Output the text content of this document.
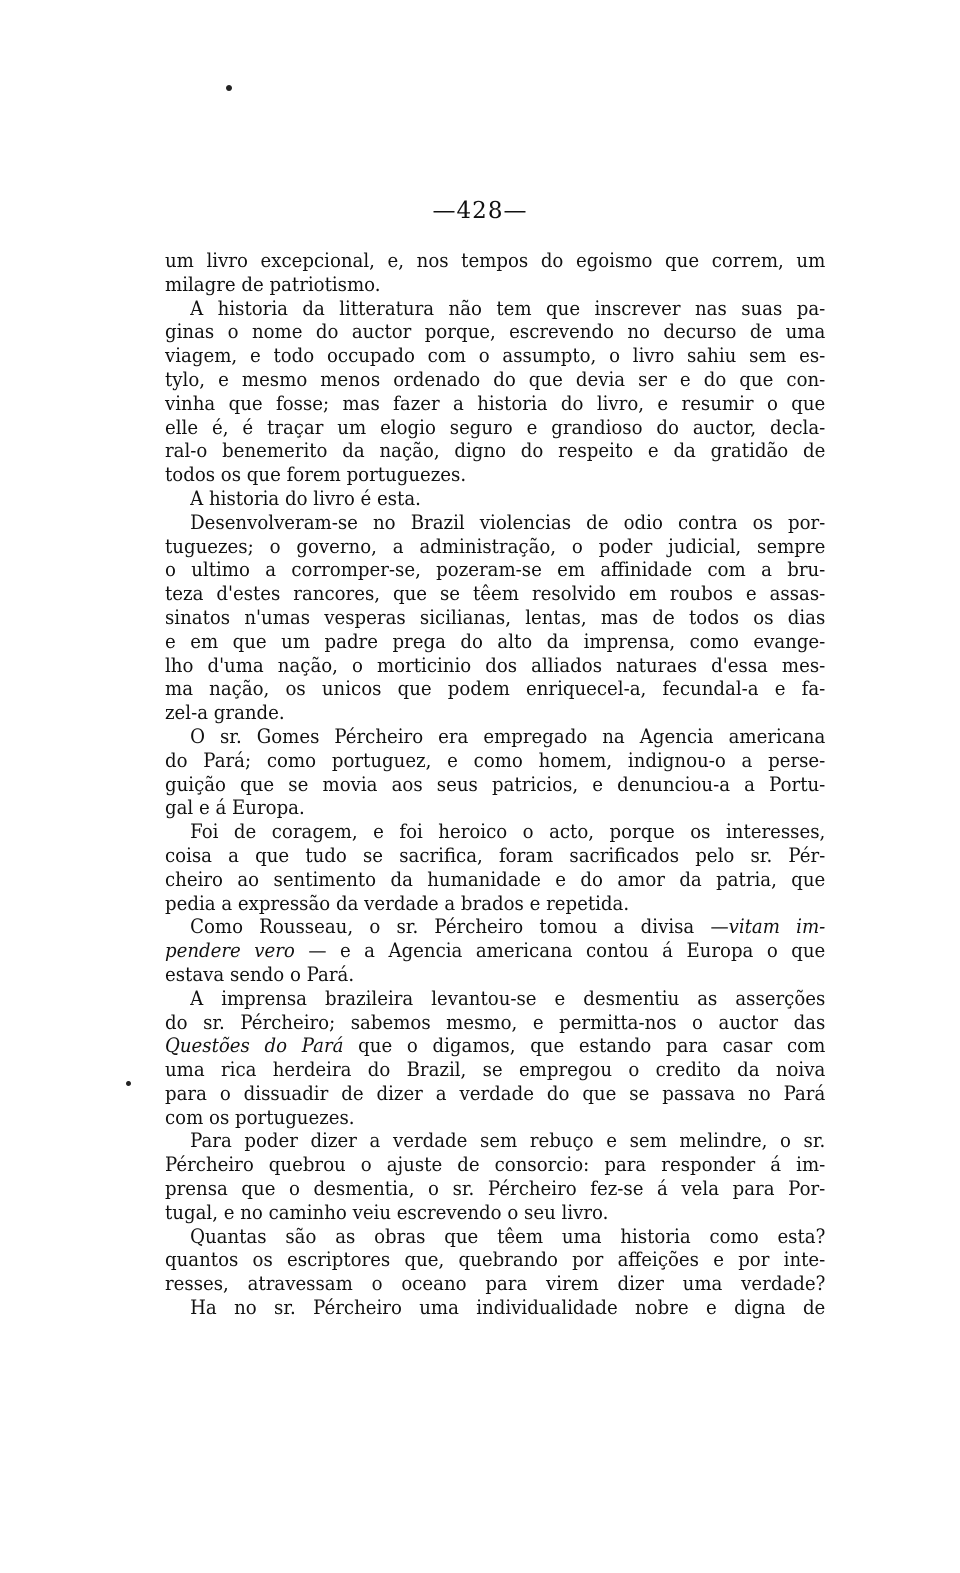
—428—
um livro excepcional, e, nos tempos do egoismo que correm, um
milagre de patriotismo.
A historia da litteratura não tem que inscrever nas suas pa-
ginas o nome do auctor porque, escrevendo no decurso de uma
viagem, e todo occupado com o assumpto, o livro sahiu sem es-
tylo, e mesmo menos ordenado do que devia ser e do que con-
vinha que fosse; mas fazer a historia do livro, e resumir o que
elle é, é traçar um elogio seguro e grandioso do auctor, decla-
ral-o benemerito da nação, digno do respeito e da gratidão de
todos os que forem portuguezes.
A historia do livro é esta.
Desenvolveram-se no Brazil violencias de odio contra os por-
tuguezes; o governo, a administração, o poder judicial, sempre
o ultimo a corromper-se, pozeram-se em affinidade com a bru-
teza d'estes rancores, que se têem resolvido em roubos e assas-
sinatos n'umas vesperas sicilianas, lentas, mas de todos os dias
e em que um padre prega do alto da imprensa, como evange-
lho d'uma nação, o morticinio dos alliados naturaes d'essa mes-
ma nação, os unicos que podem enriquecel-a, fecundal-a e fa-
zel-a grande.
O sr. Gomes Pércheiro era empregado na Agencia americana
do Pará; como portuguez, e como homem, indignou-o a perse-
guição que se movia aos seus patricios, e denunciou-a a Portu-
gal e á Europa.
Foi de coragem, e foi heroico o acto, porque os interesses,
coisa a que tudo se sacrifica, foram sacrificados pelo sr. Pér-
cheiro ao sentimento da humanidade e do amor da patria, que
pedia a expressão da verdade a brados e repetida.
Como Rousseau, o sr. Pércheiro tomou a divisa —vitam im-
pendere vero — e a Agencia americana contou á Europa o que
estava sendo o Pará.
A imprensa brazileira levantou-se e desmentiu as asserções
do sr. Pércheiro; sabemos mesmo, e permitta-nos o auctor das
Questões do Pará que o digamos, que estando para casar com
uma rica herdeira do Brazil, se empregou o credito da noiva
para o dissuadir de dizer a verdade do que se passava no Pará
com os portuguezes.
Para poder dizer a verdade sem rebuço e sem melindre, o sr.
Pércheiro quebrou o ajuste de consorcio: para responder á im-
prensa que o desmentia, o sr. Pércheiro fez-se á vela para Por-
tugal, e no caminho veiu escrevendo o seu livro.
Quantas são as obras que têem uma historia como esta?
quantos os escriptores que, quebrando por affeições e por inte-
resses, atravessam o oceano para virem dizer uma verdade?
Ha no sr. Pércheiro uma individualidade nobre e digna de
